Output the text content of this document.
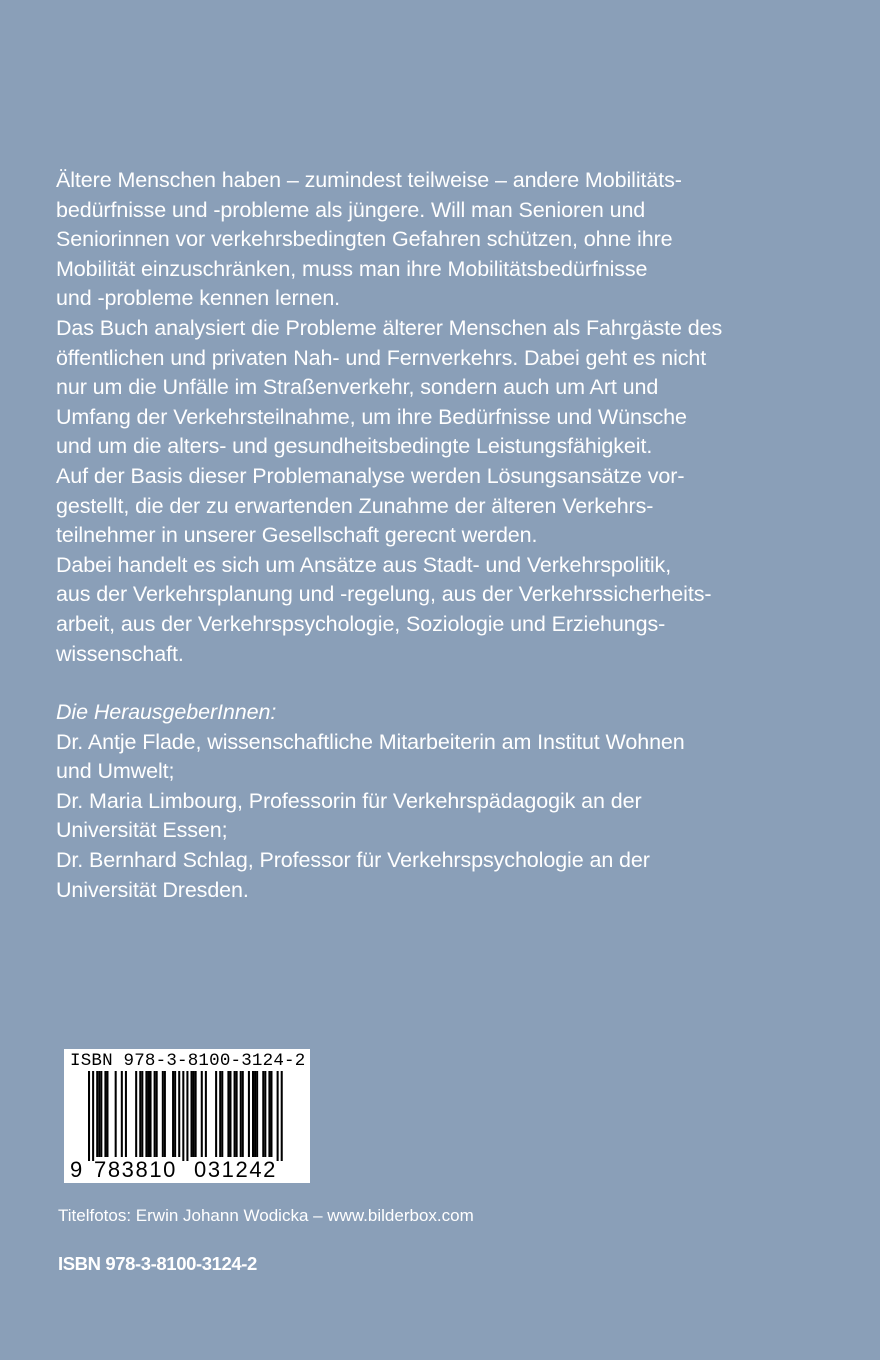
Ältere Menschen haben – zumindest teilweise – andere Mobilitäts-
bedürfnisse und -probleme als jüngere. Will man Senioren und
Seniorinnen vor verkehrsbedingten Gefahren schützen, ohne ihre
Mobilität einzuschränken, muss man ihre Mobilitätsbedürfnisse
und -probleme kennen lernen.
Das Buch analysiert die Probleme älterer Menschen als Fahrgäste des
öffentlichen und privaten Nah- und Fernverkehrs. Dabei geht es nicht
nur um die Unfälle im Straßenverkehr, sondern auch um Art und
Umfang der Verkehrsteilnahme, um ihre Bedürfnisse und Wünsche
und um die alters- und gesundheitsbedingte Leistungsfähigkeit.
Auf der Basis dieser Problemanalyse werden Lösungsansätze vor-
gestellt, die der zu erwartenden Zunahme der älteren Verkehrs-
teilnehmer in unserer Gesellschaft gerecnt werden.
Dabei handelt es sich um Ansätze aus Stadt- und Verkehrspolitik,
aus der Verkehrsplanung und -regelung, aus der Verkehrssicherheits-
arbeit, aus der Verkehrspsychologie, Soziologie und Erziehungs-
wissenschaft.
Die HerausgeberInnen:
Dr. Antje Flade, wissenschaftliche Mitarbeiterin am Institut Wohnen
und Umwelt;
Dr. Maria Limbourg, Professorin für Verkehrspädagogik an der
Universität Essen;
Dr. Bernhard Schlag, Professor für Verkehrspsychologie an der
Universität Dresden.
ISBN 978-3-8100-3124-2
9 783810 031242
Titelfotos: Erwin Johann Wodicka – www.bilderbox.com
ISBN 978-3-8100-3124-2
